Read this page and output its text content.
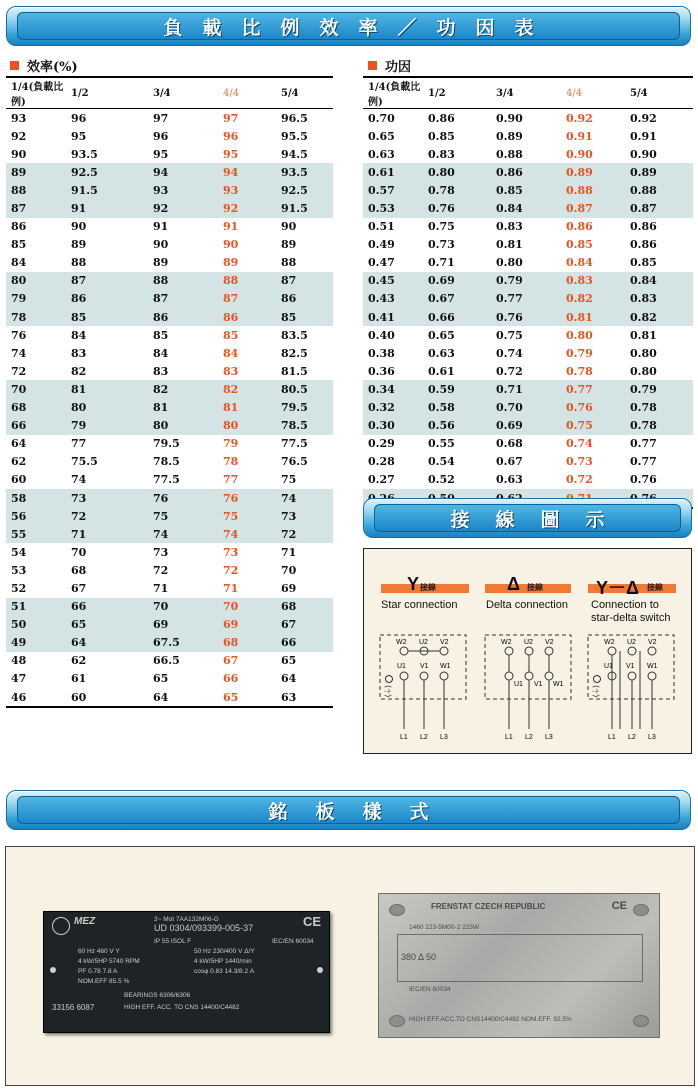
負載比例效率／功因表
效率(%)
1/4(負載比例)	1/2	3/4	4/4	5/4
93	96	97	97	96.5
92	95	96	96	95.5
90	93.5	95	95	94.5
89	92.5	94	94	93.5
88	91.5	93	93	92.5
87	91	92	92	91.5
86	90	91	91	90
85	89	90	90	89
84	88	89	89	88
80	87	88	88	87
79	86	87	87	86
78	85	86	86	85
76	84	85	85	83.5
74	83	84	84	82.5
72	82	83	83	81.5
70	81	82	82	80.5
68	80	81	81	79.5
66	79	80	80	78.5
64	77	79.5	79	77.5
62	75.5	78.5	78	76.5
60	74	77.5	77	75
58	73	76	76	74
56	72	75	75	73
55	71	74	74	72
54	70	73	73	71
53	68	72	72	70
52	67	71	71	69
51	66	70	70	68
50	65	69	69	67
49	64	67.5	68	66
48	62	66.5	67	65
47	61	65	66	64
46	60	64	65	63
功因
1/4(負載比例)	1/2	3/4	4/4	5/4
0.70	0.86	0.90	0.92	0.92
0.65	0.85	0.89	0.91	0.91
0.63	0.83	0.88	0.90	0.90
0.61	0.80	0.86	0.89	0.89
0.57	0.78	0.85	0.88	0.88
0.53	0.76	0.84	0.87	0.87
0.51	0.75	0.83	0.86	0.86
0.49	0.73	0.81	0.85	0.86
0.47	0.71	0.80	0.84	0.85
0.45	0.69	0.79	0.83	0.84
0.43	0.67	0.77	0.82	0.83
0.41	0.66	0.76	0.81	0.82
0.40	0.65	0.75	0.80	0.81
0.38	0.63	0.74	0.79	0.80
0.36	0.61	0.72	0.78	0.80
0.34	0.59	0.71	0.77	0.79
0.32	0.58	0.70	0.76	0.78
0.30	0.56	0.69	0.75	0.78
0.29	0.55	0.68	0.74	0.77
0.28	0.54	0.67	0.73	0.77
0.27	0.52	0.63	0.72	0.76

接線圖示
Y 接線
Star connection
Δ 接線
Delta connection
Y－Δ 接線
Connection to
star-delta switch
W2 U2 V2
U1 V1 W1
L1 L2 L3
(⏚)
W2 U2 V2
U1 V1 W1
L1 L2 L3
W2 U2 V2
U1 V1 W1
L1 L2 L3
(⏚)
銘板樣式
MEZ	3~ Mot 7AA132M06-G
UD 0304/093399-005-37	CE
IP 55 ISOL F	IEC/EN 60034
60 Hz 460 V Y	50 Hz 230/400 V Δ/Y
4 kW/5HP 5740 RPM	4 kW/5HP 1440/min
PF 0.78 7.8 A	cosφ 0.83 14.3/8.2 A
NOM.EFF 85.5 %
BEARINGS 6306/6306
33156 6087	HIGH EFF. ACC. TO CNS 14400/C4482
FRENSTAT CZECH REPUBLIC	CE
1460 223-5M00-2 225W
380 Δ 50
IEC/EN 60034
HIGH EFF.ACC.TO CNS14400/C4482 NOM.EFF. 92.5%
